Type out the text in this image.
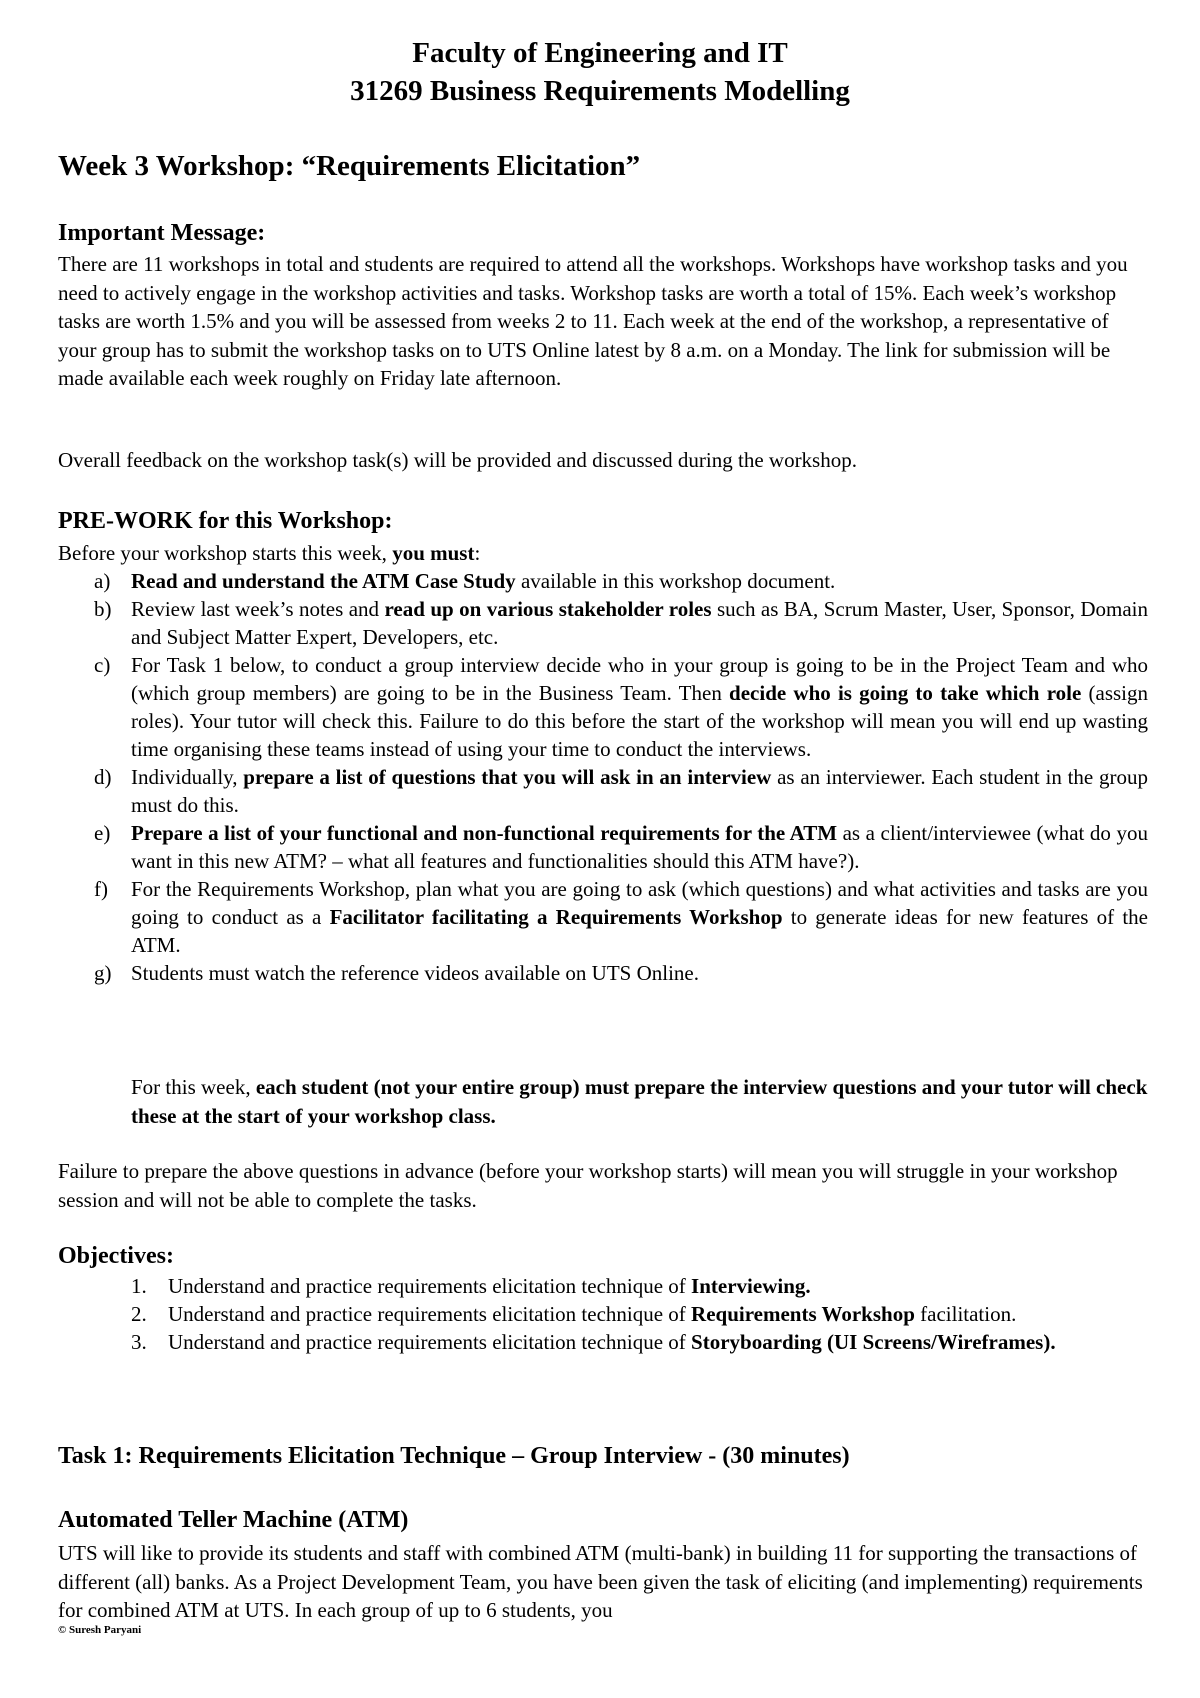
Faculty of Engineering and IT
31269 Business Requirements Modelling
Week 3 Workshop: “Requirements Elicitation”
Important Message:

There are 11 workshops in total and students are required to attend all the workshops. Workshops have workshop tasks and you need to actively engage in the workshop activities and tasks. Workshop tasks are worth a total of 15%. Each week’s workshop tasks are worth 1.5% and you will be assessed from weeks 2 to 11. Each week at the end of the workshop, a representative of your group has to submit the workshop tasks on to UTS Online latest by 8 a.m. on a Monday. The link for submission will be made available each week roughly on Friday late afternoon.

Overall feedback on the workshop task(s) will be provided and discussed during the workshop.
PRE-WORK for this Workshop:
Before your workshop starts this week, you must:
a) Read and understand the ATM Case Study available in this workshop document.
b) Review last week’s notes and read up on various stakeholder roles such as BA, Scrum Master, User, Sponsor, Domain and Subject Matter Expert, Developers, etc.
c) For Task 1 below, to conduct a group interview decide who in your group is going to be in the Project Team and who (which group members) are going to be in the Business Team. Then decide who is going to take which role (assign roles). Your tutor will check this. Failure to do this before the start of the workshop will mean you will end up wasting time organising these teams instead of using your time to conduct the interviews.
d) Individually, prepare a list of questions that you will ask in an interview as an interviewer. Each student in the group must do this.
e) Prepare a list of your functional and non-functional requirements for the ATM as a client/interviewee (what do you want in this new ATM? – what all features and functionalities should this ATM have?).
f) For the Requirements Workshop, plan what you are going to ask (which questions) and what activities and tasks are you going to conduct as a Facilitator facilitating a Requirements Workshop to generate ideas for new features of the ATM.
g) Students must watch the reference videos available on UTS Online.
For this week, each student (not your entire group) must prepare the interview questions and your tutor will check these at the start of your workshop class.
Failure to prepare the above questions in advance (before your workshop starts) will mean you will struggle in your workshop session and will not be able to complete the tasks.
Objectives:
1. Understand and practice requirements elicitation technique of Interviewing.
2. Understand and practice requirements elicitation technique of Requirements Workshop facilitation.
3. Understand and practice requirements elicitation technique of Storyboarding (UI Screens/Wireframes).
Task 1: Requirements Elicitation Technique – Group Interview - (30 minutes)
Automated Teller Machine (ATM)
UTS will like to provide its students and staff with combined ATM (multi-bank) in building 11 for supporting the transactions of different (all) banks. As a Project Development Team, you have been given the task of eliciting (and implementing) requirements for combined ATM at UTS. In each group of up to 6 students, you
© Suresh Paryani
